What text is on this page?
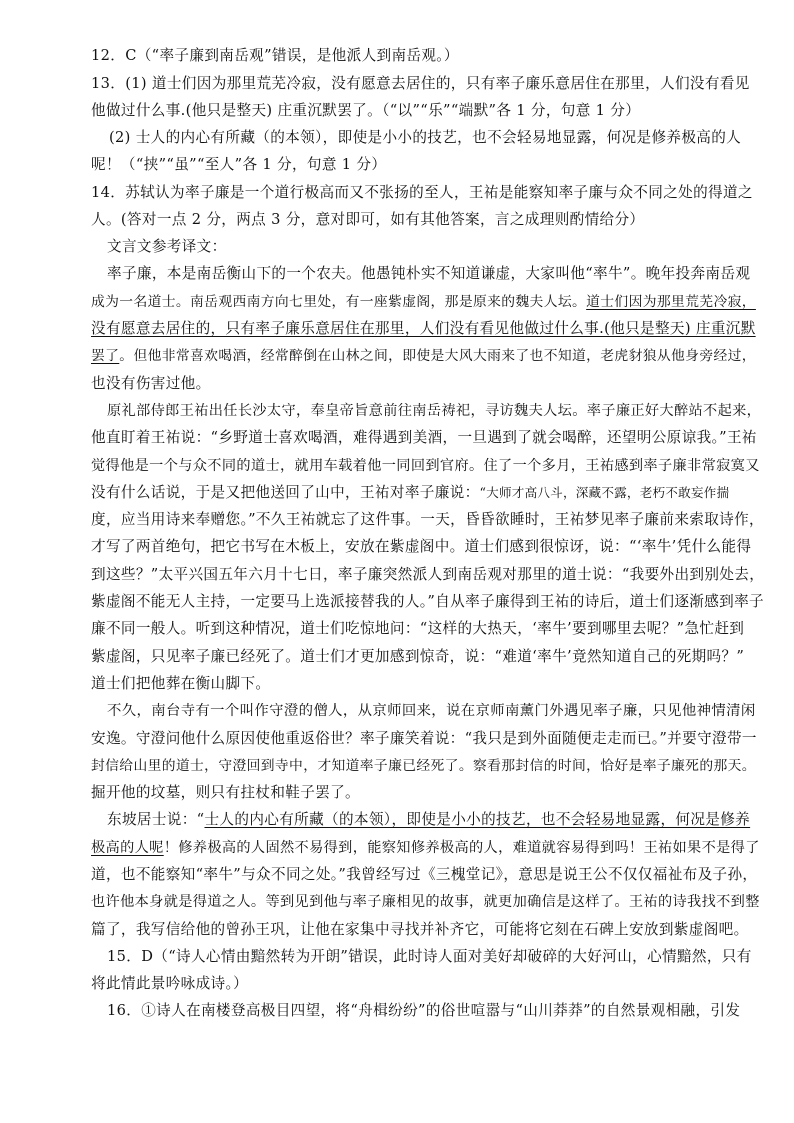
12．C（“率子廉到南岳观”错误，是他派人到南岳观。）
13．(1) 道士们因为那里荒芜冷寂，没有愿意去居住的，只有率子廉乐意居住在那里，人们没有看见
他做过什么事.(他只是整天) 庄重沉默罢了。（“以”“乐”“端默”各 1 分，句意 1 分）
(2) 士人的内心有所藏（的本领），即使是小小的技艺，也不会轻易地显露，何况是修养极高的人
呢！（“挟”“虽”“至人”各 1 分，句意 1 分）
14．苏轼认为率子廉是一个道行极高而又不张扬的至人，王祐是能察知率子廉与众不同之处的得道之
人。(答对一点 2 分，两点 3 分，意对即可，如有其他答案，言之成理则酌情给分）
文言文参考译文：
率子廉，本是南岳衡山下的一个农夫。他愚钝朴实不知道谦虚，大家叫他“率牛”。晚年投奔南岳观
成为一名道士。南岳观西南方向七里处，有一座紫虚阁，那是原来的魏夫人坛。道士们因为那里荒芜冷寂，
没有愿意去居住的，只有率子廉乐意居住在那里，人们没有看见他做过什么事.(他只是整天) 庄重沉默
罢了。但他非常喜欢喝酒，经常醉倒在山林之间，即使是大风大雨来了也不知道，老虎豺狼从他身旁经过，
也没有伤害过他。
原礼部侍郎王祐出任长沙太守，奉皇帝旨意前往南岳祷祀，寻访魏夫人坛。率子廉正好大醉站不起来，
他直盯着王祐说：“乡野道士喜欢喝酒，难得遇到美酒，一旦遇到了就会喝醉，还望明公原谅我。”王祐
觉得他是一个与众不同的道士，就用车载着他一同回到官府。住了一个多月，王祐感到率子廉非常寂寞又
没有什么话说，于是又把他送回了山中，王祐对率子廉说：“大师才高八斗，深藏不露，老朽不敢妄作揣
度，应当用诗来奉赠您。”不久王祐就忘了这件事。一天，昏昏欲睡时，王祐梦见率子廉前来索取诗作，
才写了两首绝句，把它书写在木板上，安放在紫虚阁中。道士们感到很惊讶，说：“‘率牛’凭什么能得
到这些？”太平兴国五年六月十七日，率子廉突然派人到南岳观对那里的道士说：“我要外出到别处去，
紫虚阁不能无人主持，一定要马上选派接替我的人。”自从率子廉得到王祐的诗后，道士们逐渐感到率子
廉不同一般人。听到这种情况，道士们吃惊地问：“这样的大热天，‘率牛’要到哪里去呢？”急忙赶到
紫虚阁，只见率子廉已经死了。道士们才更加感到惊奇，说：“难道‘率牛’竟然知道自己的死期吗？”
道士们把他葬在衡山脚下。
不久，南台寺有一个叫作守澄的僧人，从京师回来，说在京师南薰门外遇见率子廉，只见他神情清闲
安逸。守澄问他什么原因使他重返俗世？率子廉笑着说：“我只是到外面随便走走而已。”并要守澄带一
封信给山里的道士，守澄回到寺中，才知道率子廉已经死了。察看那封信的时间，恰好是率子廉死的那天。
掘开他的坟墓，则只有拄杖和鞋子罢了。
东坡居士说：“士人的内心有所藏（的本领），即使是小小的技艺，也不会轻易地显露，何况是修养
极高的人呢！修养极高的人固然不易得到，能察知修养极高的人，难道就容易得到吗！王祐如果不是得了
道，也不能察知“率牛”与众不同之处。”我曾经写过《三槐堂记》，意思是说王公不仅仅福祉布及子孙，
也许他本身就是得道之人。等到见到他与率子廉相见的故事，就更加确信是这样了。王祐的诗我找不到整
篇了，我写信给他的曾孙王巩，让他在家集中寻找并补齐它，可能将它刻在石碑上安放到紫虚阁吧。
15．D（“诗人心情由黯然转为开朗”错误，此时诗人面对美好却破碎的大好河山，心情黯然，只有
将此情此景吟咏成诗。）
16．①诗人在南楼登高极目四望，将“舟楫纷纷”的俗世喧嚣与“山川莽莽”的自然景观相融，引发
